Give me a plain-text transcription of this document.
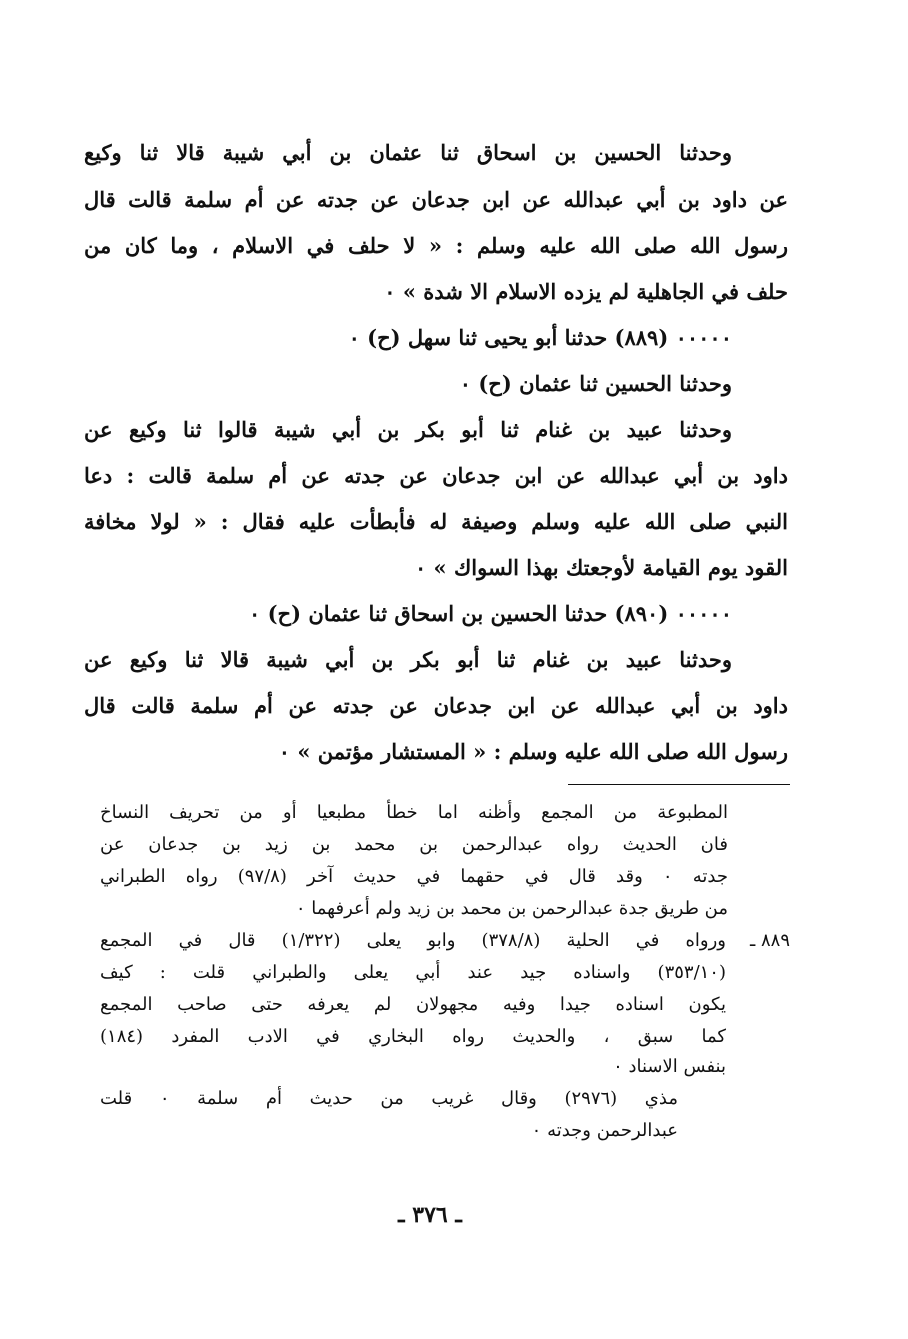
وحدثنا الحسين بن اسحاق ثنا عثمان بن أبي شيبة قالا ثنا وكيع
عن داود بن أبي عبدالله عن ابن جدعان عن جدته عن أم سلمة قالت قال
رسول الله صلى الله عليه وسلم : « لا حلف في الاسلام ، وما كان من
حلف في الجاهلية لم يزده الاسلام الا شدة » ٠
٠٠٠٠٠ (٨٨٩) حدثنا أبو يحيى ثنا سهل (ح) ٠
وحدثنا الحسين ثنا عثمان (ح) ٠
وحدثنا عبيد بن غنام ثنا أبو بكر بن أبي شيبة قالوا ثنا وكيع عن
داود بن أبي عبدالله عن ابن جدعان عن جدته عن أم سلمة قالت : دعا
النبي صلى الله عليه وسلم وصيفة له فأبطأت عليه فقال : « لولا مخافة
القود يوم القيامة لأوجعتك بهذا السواك » ٠
٠٠٠٠٠ (٨٩٠) حدثنا الحسين بن اسحاق ثنا عثمان (ح) ٠
وحدثنا عبيد بن غنام ثنا أبو بكر بن أبي شيبة قالا ثنا وكيع عن
داود بن أبي عبدالله عن ابن جدعان عن جدته عن أم سلمة قالت قال
رسول الله صلى الله عليه وسلم : « المستشار مؤتمن » ٠
المطبوعة من المجمع وأظنه اما خطأ مطبعيا أو من تحريف النساخ
فان الحديث رواه عبدالرحمن بن محمد بن زيد بن جدعان عن
جدته ٠ وقد قال في حقهما في حديث آخر (٩٧/٨) رواه الطبراني
من طريق جدة عبدالرحمن بن محمد بن زيد ولم أعرفهما ٠
٨٨٩ ـ
ورواه في الحلية (٣٧٨/٨) وابو يعلى (١/٣٢٢) قال في المجمع
(٣٥٣/١٠) واسناده جيد عند أبي يعلى والطبراني قلت : كيف
يكون اسناده جيدا وفيه مجهولان لم يعرفه حتى صاحب المجمع
كما سبق ، والحديث رواه البخاري في الادب المفرد (١٨٤)
بنفس الاسناد ٠
مذي (٢٩٧٦) وقال غريب من حديث أم سلمة ٠ قلت
عبدالرحمن وجدته ٠
ـ ٣٧٦ ـ
